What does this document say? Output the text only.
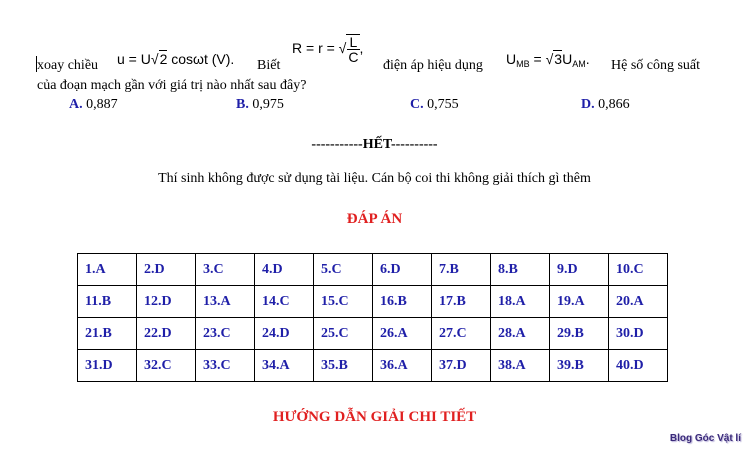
xoay chiều u = U√2 cosωt (V). Biết
R = r = √ $\frac{L}{C}$ ,
điện áp hiệu dụng $U_{MB} = √3U_{AM}$. Hệ số công suất
của đoạn mạch gần với giá trị nào nhất sau đây?
A. 0,887	B. 0,975	C. 0,755	D. 0,866
-----------HẾT----------
Thí sinh không được sử dụng tài liệu. Cán bộ coi thi không giải thích gì thêm
ĐÁP ÁN
1.A	2.D	3.C	4.D	5.C	6.D	7.B	8.B	9.D	10.C
11.B	12.D	13.A	14.C	15.C	16.B	17.B	18.A	19.A	20.A
21.B	22.D	23.C	24.D	25.C	26.A	27.C	28.A	29.B	30.D
31.D	32.C	33.C	34.A	35.B	36.A	37.D	38.A	39.B	40.D
HƯỚNG DẪN GIẢI CHI TIẾT
Blog Góc Vật lí
